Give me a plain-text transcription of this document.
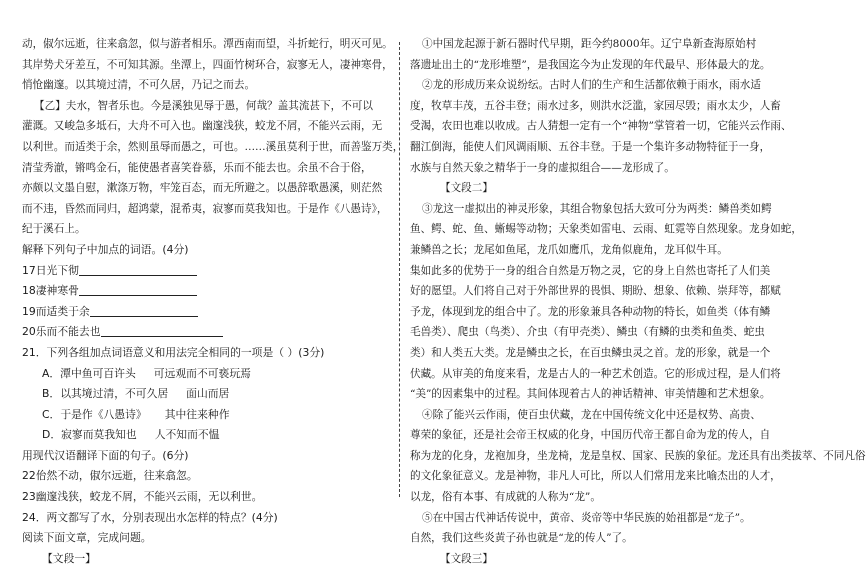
动，俶尔远逝，往来翕忽，似与游者相乐。潭西南而望，斗折蛇行，明灭可见。
其岸势犬牙差互，不可知其源。坐潭上，四面竹树环合，寂寥无人，凄神寒骨，
悄怆幽邃。以其境过清，不可久居，乃记之而去。
【乙】夫水，智者乐也。今是溪独见辱于愚，何哉？盖其流甚下，不可以
灌溉。又峻急多坻石，大舟不可入也。幽邃浅狭，蛟龙不屑，不能兴云雨，无
以利世。而适类于余，然则虽辱而愚之，可也。……溪虽莫利于世，而善鉴万类，
清莹秀澈，锵鸣金石，能使愚者喜笑眷慕，乐而不能去也。余虽不合于俗，
亦颇以文墨自慰，漱涤万物，牢笼百态，而无所避之。以愚辞歌愚溪，则茫然
而不违，昏然而同归，超鸿蒙，混希夷，寂寥而莫我知也。于是作《八愚诗》，
纪于溪石上。
解释下列句子中加点的词语。(4分)
17日光下彻
18凄神寒骨
19而适类于余
20乐而不能去也
21．下列各组加点词语意义和用法完全相同的一项是（ ）(3分)
A．潭中鱼可百许头 可远观而不可亵玩焉
B．以其境过清，不可久居 面山而居
C．于是作《八愚诗》 其中往来种作
D．寂寥而莫我知也 人不知而不愠
用现代汉语翻译下面的句子。(6分)
22佁然不动，俶尔远逝，往来翕忽。
23幽邃浅狭，蛟龙不屑，不能兴云雨，无以利世。
24．两文都写了水，分别表现出水怎样的特点？(4分)
阅读下面文章，完成问题。
【文段一】
①中国龙起源于新石器时代早期，距今约8000年。辽宁阜新查海原始村
落遗址出土的“龙形堆塑”，是我国迄今为止发现的年代最早、形体最大的龙。
②龙的形成历来众说纷纭。古时人们的生产和生活都依赖于雨水，雨水适
度，牧草丰茂，五谷丰登；雨水过多，则洪水泛滥，家园尽毁；雨水太少，人畜
受渴，农田也难以收成。古人猜想一定有一个“神物”掌管着一切，它能兴云作雨、
翻江倒海，能使人们风调雨顺、五谷丰登。于是一个集许多动物特征于一身，
水族与自然天象之精华于一身的虚拟组合——龙形成了。
【文段二】
③龙这一虚拟出的神灵形象，其组合物象包括大致可分为两类：鳞兽类如鳄
鱼、鳄、蛇、鱼、蜥蜴等动物；天象类如雷电、云雨、虹霓等自然现象。龙身如蛇，
兼鳞兽之长；龙尾如鱼尾，龙爪如鹰爪，龙角似鹿角，龙耳似牛耳。
集如此多的优势于一身的组合自然是万物之灵，它的身上自然也寄托了人们美
好的愿望。人们将自己对于外部世界的畏惧、期盼、想象、依赖、崇拜等，都赋
予龙，体现到龙的组合中了。龙的形象兼具各种动物的特长，如鱼类（体有鳞
毛兽类）、爬虫（鸟类）、介虫（有甲壳类）、鳞虫（有鳞的虫类和鱼类、蛇虫
类）和人类五大类。龙是鳞虫之长，在百虫鳞虫灵之首。龙的形象，就是一个
伏藏。从审美的角度来看，龙是古人的一种艺术创造。它的形成过程，是人们将
“美”的因素集中的过程。其间体现着古人的神话精神、审美情趣和艺术想象。
④除了能兴云作雨，使百虫伏藏，龙在中国传统文化中还是权势、高贵、
尊荣的象征，还是社会帝王权威的化身，中国历代帝王都自命为龙的传人，自
称为龙的化身，龙袍加身，坐龙椅，龙是皇权、国家、民族的象征。龙还具有出类拔萃、不同凡俗
的文化象征意义。龙是神物，非凡人可比，所以人们常用龙来比喻杰出的人才，
以龙，俗有本事、有成就的人称为“龙”。
⑤在中国古代神话传说中，黄帝、炎帝等中华民族的始祖都是“龙子”。
自然，我们这些炎黄子孙也就是“龙的传人”了。
【文段三】
